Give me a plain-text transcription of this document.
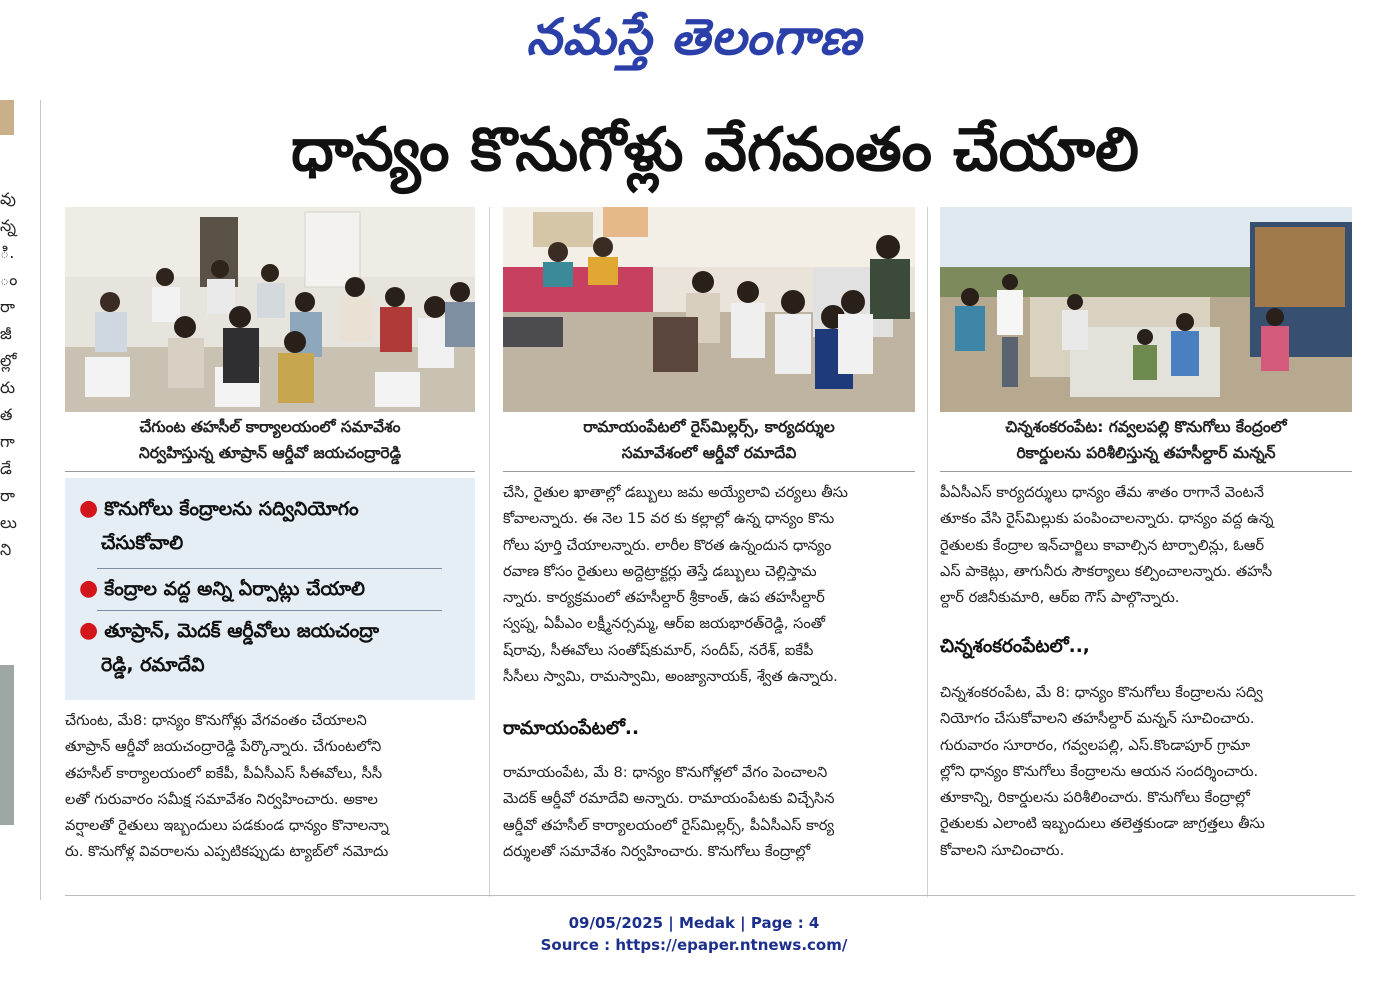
నమస్తే తెలంగాణ
వు
న్న
ి.
ం
రా
జీ
ల్లో
రు
త
గా
డే
రా
లు
ని
ధాన్యం కొనుగోళ్లు వేగవంతం చేయాలి
చేగుంట తహసీల్ కార్యాలయంలో సమావేశం
నిర్వహిస్తున్న తూప్రాన్ ఆర్డీవో జయచంద్రారెడ్డి
రామాయంపేటలో రైస్‌మిల్లర్స్, కార్యదర్శుల
సమావేశంలో ఆర్డీవో రమాదేవి
చిన్నశంకరంపేట: గవ్వలపల్లి కొనుగోలు కేంద్రంలో
రికార్డులను పరిశీలిస్తున్న తహసీల్దార్ మన్నన్
● కొనుగోలు కేంద్రాలను సద్వినియోగం
చేసుకోవాలి
● కేంద్రాల వద్ద అన్ని ఏర్పాట్లు చేయాలి
● తూప్రాన్, మెదక్ ఆర్డీవోలు జయచంద్రా
రెడ్డి, రమాదేవి

చేగుంట, మే8: ధాన్యం కొనుగోళ్లు వేగవంతం చేయాలని

తూప్రాన్ ఆర్డీవో జయచంద్రారెడ్డి పేర్కొన్నారు. చేగుంటలోని

తహసీల్ కార్యాలయంలో ఐకేపీ, పీఏసీఎస్ సీఈవోలు, సీసీ

లతో గురువారం సమీక్ష సమావేశం నిర్వహించారు. అకాల

వర్షాలతో రైతులు ఇబ్బందులు పడకుండ ధాన్యం కొనాలన్నా

రు. కొనుగోళ్ల వివరాలను ఎప్పటికప్పుడు ట్యాబ్‌లో నమోదు

చేసి, రైతుల ఖాతాల్లో డబ్బులు జమ అయ్యేలావి చర్యలు తీసు

కోవాలన్నారు. ఈ నెల 15 వర కు కల్లాల్లో ఉన్న ధాన్యం కొను

గోలు పూర్తి చేయాలన్నారు. లారీల కొరత ఉన్నందున ధాన్యం

రవాణ కోసం రైతులు అద్దెట్రాక్టర్లు తెస్తే డబ్బులు చెల్లిస్తామ

న్నారు. కార్యక్రమంలో తహసీల్దార్ శ్రీకాంత్, ఉప తహసీల్దార్

స్వప్న, ఏపీఎం లక్ష్మీనర్సమ్మ, ఆర్ఐ జయభారత్‌రెడ్డి, సంతో

ష్‌రావు, సీఈవోలు సంతోష్‌కుమార్, సందీప్, నరేశ్, ఐకేపీ

సీసీలు స్వామి, రామస్వామి, అంజ్యానాయక్, శ్వేత ఉన్నారు.

రామాయంపేటలో..

రామాయంపేట, మే 8: ధాన్యం కొనుగోళ్లలో వేగం పెంచాలని

మెదక్ ఆర్డీవో రమాదేవి అన్నారు. రామాయంపేటకు విచ్చేసిన

ఆర్డీవో తహసీల్ కార్యాలయంలో రైస్‌మిల్లర్స్, పీఏసీఎస్ కార్య

దర్శులతో సమావేశం నిర్వహించారు. కొనుగోలు కేంద్రాల్లో

పీఏసీఎస్ కార్యదర్శులు ధాన్యం తేమ శాతం రాగానే వెంటనే

తూకం వేసి రైస్‌మిల్లుకు పంపించాలన్నారు. ధాన్యం వద్ద ఉన్న

రైతులకు కేంద్రాల ఇన్‌చార్జిలు కావాల్సిన టార్పాలిన్లు, ఓఆర్

ఎస్ పాకెట్లు, తాగునీరు సౌకర్యాలు కల్పించాలన్నారు. తహసీ

ల్దార్ రజినీకుమారి, ఆర్ఐ గౌస్ పాల్గొన్నారు.

చిన్నశంకరంపేటలో..,

చిన్నశంకరంపేట, మే 8: ధాన్యం కొనుగోలు కేంద్రాలను సద్వి

నియోగం చేసుకోవాలని తహసీల్దార్ మన్నన్ సూచించారు.

గురువారం సూరారం, గవ్వలపల్లి, ఎస్.కొండాపూర్ గ్రామా

ల్లోని ధాన్యం కొనుగోలు కేంద్రాలను ఆయన సందర్శించారు.

తూకాన్ని, రికార్డులను పరిశీలించారు. కొనుగోలు కేంద్రాల్లో

రైతులకు ఎలాంటి ఇబ్బందులు తలెత్తకుండా జాగ్రత్తలు తీసు

కోవాలని సూచించారు.

09/05/2025 | Medak | Page : 4
Source : https://epaper.ntnews.com/
